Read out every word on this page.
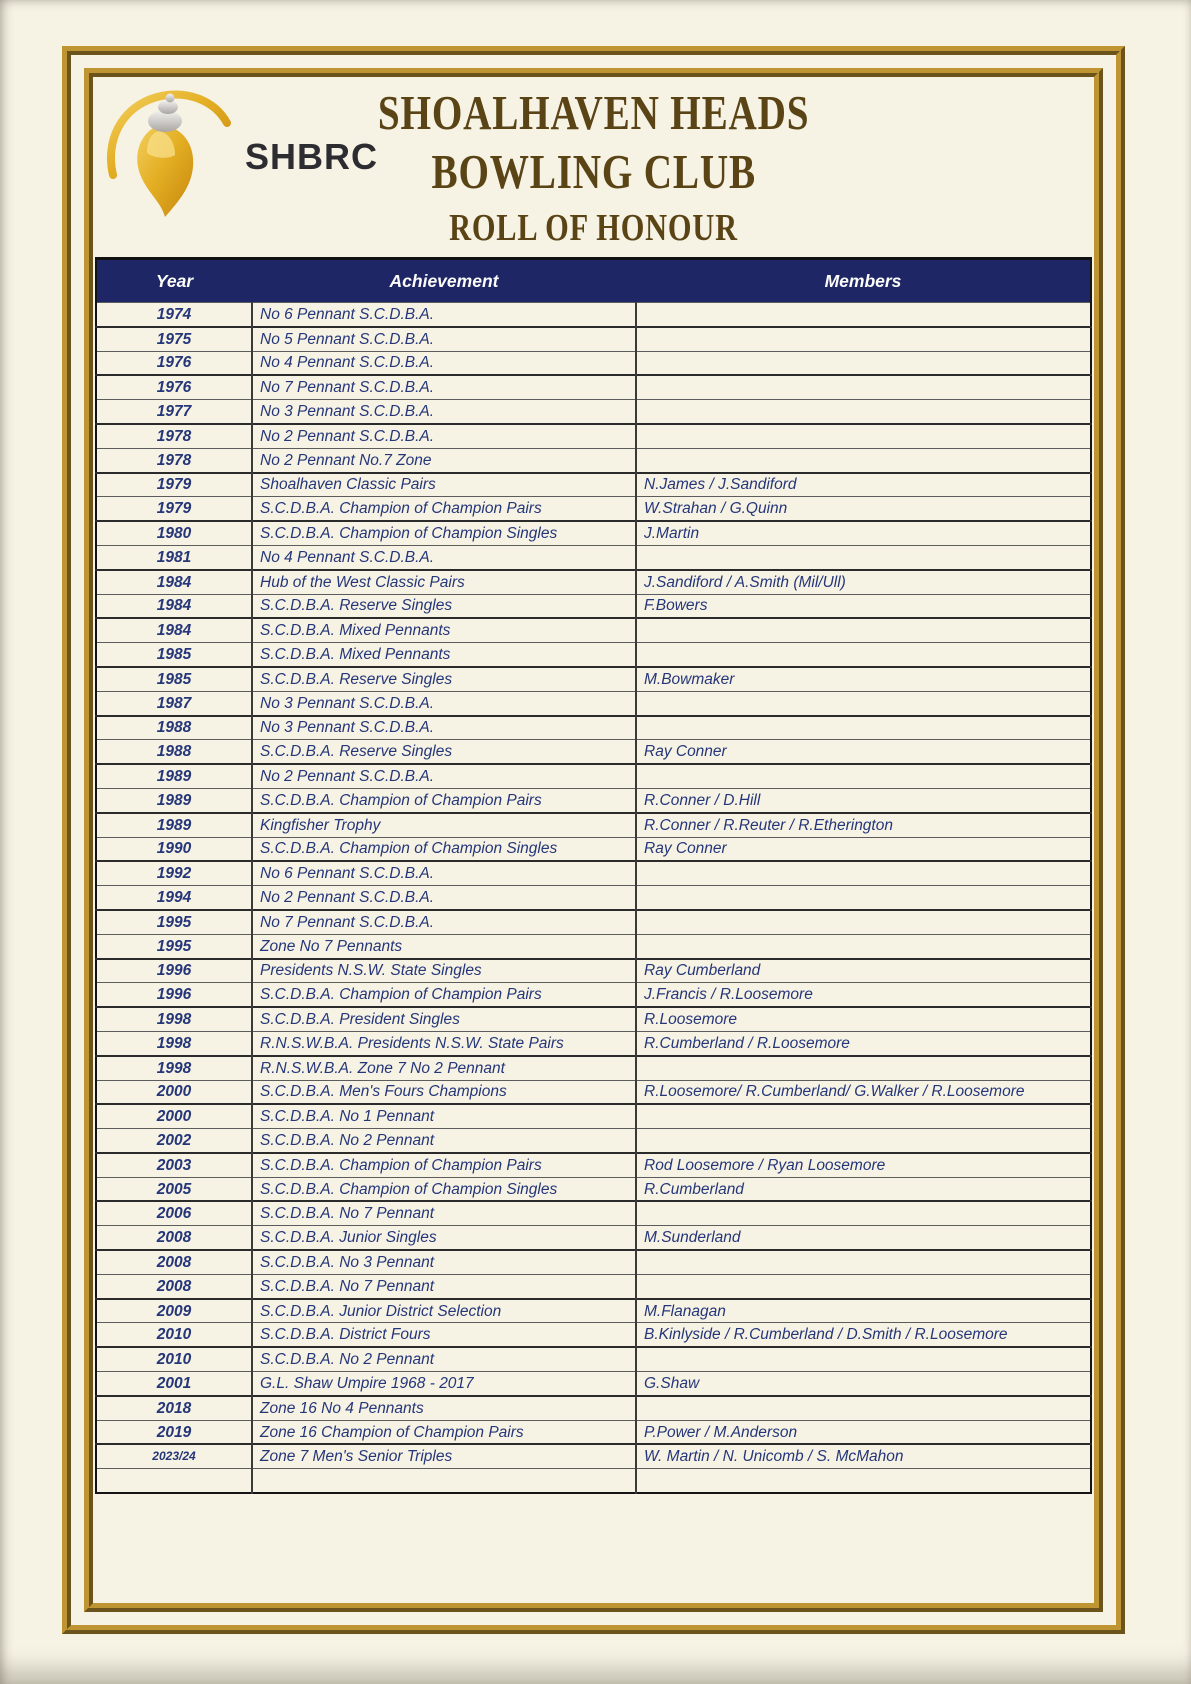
SHBRC
SHOALHAVEN HEADS
BOWLING CLUB
ROLL OF HONOUR
Year	Achievement	Members
1974	No 6 Pennant S.C.D.B.A.	
1975	No 5 Pennant S.C.D.B.A.	
1976	No 4 Pennant S.C.D.B.A.	
1976	No 7 Pennant S.C.D.B.A.	
1977	No 3 Pennant S.C.D.B.A.	
1978	No 2 Pennant S.C.D.B.A.	
1978	No 2 Pennant No.7 Zone	
1979	Shoalhaven Classic Pairs	N.James / J.Sandiford
1979	S.C.D.B.A. Champion of Champion Pairs	W.Strahan / G.Quinn
1980	S.C.D.B.A. Champion of Champion Singles	J.Martin
1981	No 4 Pennant S.C.D.B.A.	
1984	Hub of the West Classic Pairs	J.Sandiford / A.Smith (Mil/Ull)
1984	S.C.D.B.A. Reserve Singles	F.Bowers
1984	S.C.D.B.A. Mixed Pennants	
1985	S.C.D.B.A. Mixed Pennants	
1985	S.C.D.B.A. Reserve Singles	M.Bowmaker
1987	No 3 Pennant S.C.D.B.A.	
1988	No 3 Pennant S.C.D.B.A.	
1988	S.C.D.B.A. Reserve Singles	Ray Conner
1989	No 2 Pennant S.C.D.B.A.	
1989	S.C.D.B.A. Champion of Champion Pairs	R.Conner / D.Hill
1989	Kingfisher Trophy	R.Conner / R.Reuter / R.Etherington
1990	S.C.D.B.A. Champion of Champion Singles	Ray Conner
1992	No 6 Pennant S.C.D.B.A.	
1994	No 2 Pennant S.C.D.B.A.	
1995	No 7 Pennant S.C.D.B.A.	
1995	Zone No 7 Pennants	
1996	Presidents N.S.W. State Singles	Ray Cumberland
1996	S.C.D.B.A. Champion of Champion Pairs	J.Francis / R.Loosemore
1998	S.C.D.B.A. President Singles	R.Loosemore
1998	R.N.S.W.B.A. Presidents N.S.W. State Pairs	R.Cumberland / R.Loosemore
1998	R.N.S.W.B.A. Zone 7 No 2 Pennant	
2000	S.C.D.B.A. Men's Fours Champions	R.Loosemore/ R.Cumberland/ G.Walker / R.Loosemore
2000	S.C.D.B.A. No 1 Pennant	
2002	S.C.D.B.A. No 2 Pennant	
2003	S.C.D.B.A. Champion of Champion Pairs	Rod Loosemore / Ryan Loosemore
2005	S.C.D.B.A. Champion of Champion Singles	R.Cumberland
2006	S.C.D.B.A. No 7 Pennant	
2008	S.C.D.B.A. Junior Singles	M.Sunderland
2008	S.C.D.B.A. No 3 Pennant	
2008	S.C.D.B.A. No 7 Pennant	
2009	S.C.D.B.A. Junior District Selection	M.Flanagan
2010	S.C.D.B.A. District Fours	B.Kinlyside / R.Cumberland / D.Smith / R.Loosemore
2010	S.C.D.B.A. No 2 Pennant	
2001	G.L. Shaw Umpire 1968 - 2017	G.Shaw
2018	Zone 16 No 4 Pennants	
2019	Zone 16 Champion of Champion Pairs	P.Power / M.Anderson
2023/24	Zone 7 Men's Senior Triples	W. Martin / N. Unicomb / S. McMahon
